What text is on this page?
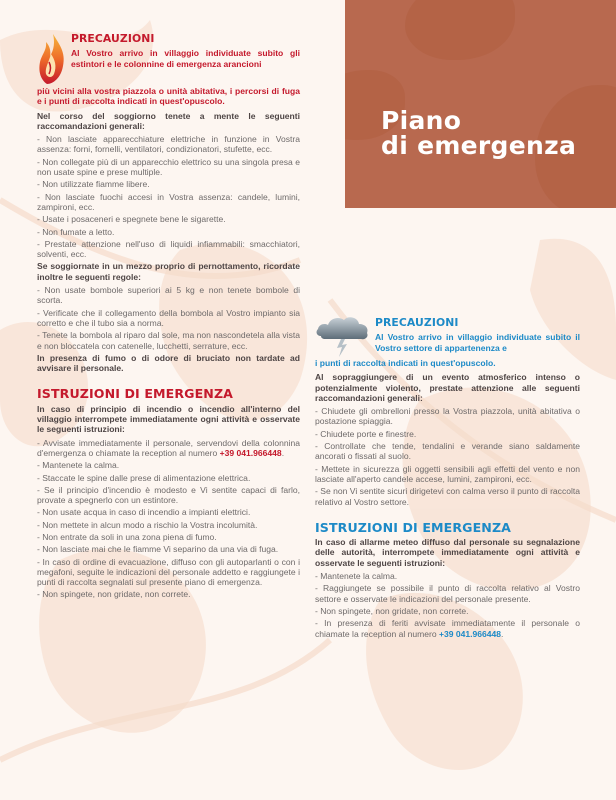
Piano
di emergenza
PRECAUZIONI

Al Vostro arrivo in villaggio individuate subito gli estintori e le colonnine di emergenza arancioni

più vicini alla vostra piazzola o unità abitativa, i percorsi di fuga e i punti di raccolta indicati in quest'opuscolo.

Nel corso del soggiorno tenete a mente le seguenti raccomandazioni generali:

- Non lasciate apparecchiature elettriche in funzione in Vostra assenza: forni, fornelli, ventilatori, condizionatori, stufette, ecc.

- Non collegate più di un apparecchio elettrico su una singola presa e non usate spine e prese multiple.

- Non utilizzate fiamme libere.

- Non lasciate fuochi accesi in Vostra assenza: candele, lumini, zampironi, ecc.

- Usate i posaceneri e spegnete bene le sigarette.

- Non fumate a letto.

- Prestate attenzione nell'uso di liquidi infiammabili: smacchiatori, solventi, ecc.

Se soggiornate in un mezzo proprio di pernottamento, ricordate inoltre le seguenti regole:

- Non usate bombole superiori ai 5 kg e non tenete bombole di scorta.

- Verificate che il collegamento della bombola al Vostro impianto sia corretto e che il tubo sia a norma.

- Tenete la bombola al riparo dal sole, ma non nascondetela alla vista e non bloccatela con catenelle, lucchetti, serrature, ecc.

In presenza di fumo o di odore di bruciato non tardate ad avvisare il personale.

ISTRUZIONI DI EMERGENZA

In caso di principio di incendio o incendio all'interno del villaggio interrompete immediatamente ogni attività e osservate le seguenti istruzioni:

- Avvisate immediatamente il personale, servendovi della colonnina d'emergenza o chiamate la reception al numero +39 041.966448.

- Mantenete la calma.

- Staccate le spine dalle prese di alimentazione elettrica.

- Se il principio d'incendio è modesto e Vi sentite capaci di farlo, provate a spegnerlo con un estintore.

- Non usate acqua in caso di incendio a impianti elettrici.

- Non mettete in alcun modo a rischio la Vostra incolumità.

- Non entrate da soli in una zona piena di fumo.

- Non lasciate mai che le fiamme Vi separino da una via di fuga.

- In caso di ordine di evacuazione, diffuso con gli autoparlanti o con i megafoni, seguite le indicazioni del personale addetto e raggiungete i punti di raccolta segnalati sul presente piano di emergenza.

- Non spingete, non gridate, non correte.

PRECAUZIONI

Al Vostro arrivo in villaggio individuate subito il Vostro settore di appartenenza e

i punti di raccolta indicati in quest'opuscolo.

Al sopraggiungere di un evento atmosferico intenso o potenzialmente violento, prestate attenzione alle seguenti raccomandazioni generali:

- Chiudete gli ombrelloni presso la Vostra piazzola, unità abitativa o postazione spiaggia.

- Chiudete porte e finestre.

- Controllate che tende, tendalini e verande siano saldamente ancorati o fissati al suolo.

- Mettete in sicurezza gli oggetti sensibili agli effetti del vento e non lasciate all'aperto candele accese, lumini, zampironi, ecc.

- Se non Vi sentite sicuri dirigetevi con calma verso il punto di raccolta relativo al Vostro settore.

ISTRUZIONI DI EMERGENZA

In caso di allarme meteo diffuso dal personale su segnalazione delle autorità, interrompete immediatamente ogni attività e osservate le seguenti istruzioni:

- Mantenete la calma.

- Raggiungete se possibile il punto di raccolta relativo al Vostro settore e osservate le indicazioni del personale presente.

- Non spingete, non gridate, non correte.

- In presenza di feriti avvisate immediatamente il personale o chiamate la reception al numero +39 041.966448.
